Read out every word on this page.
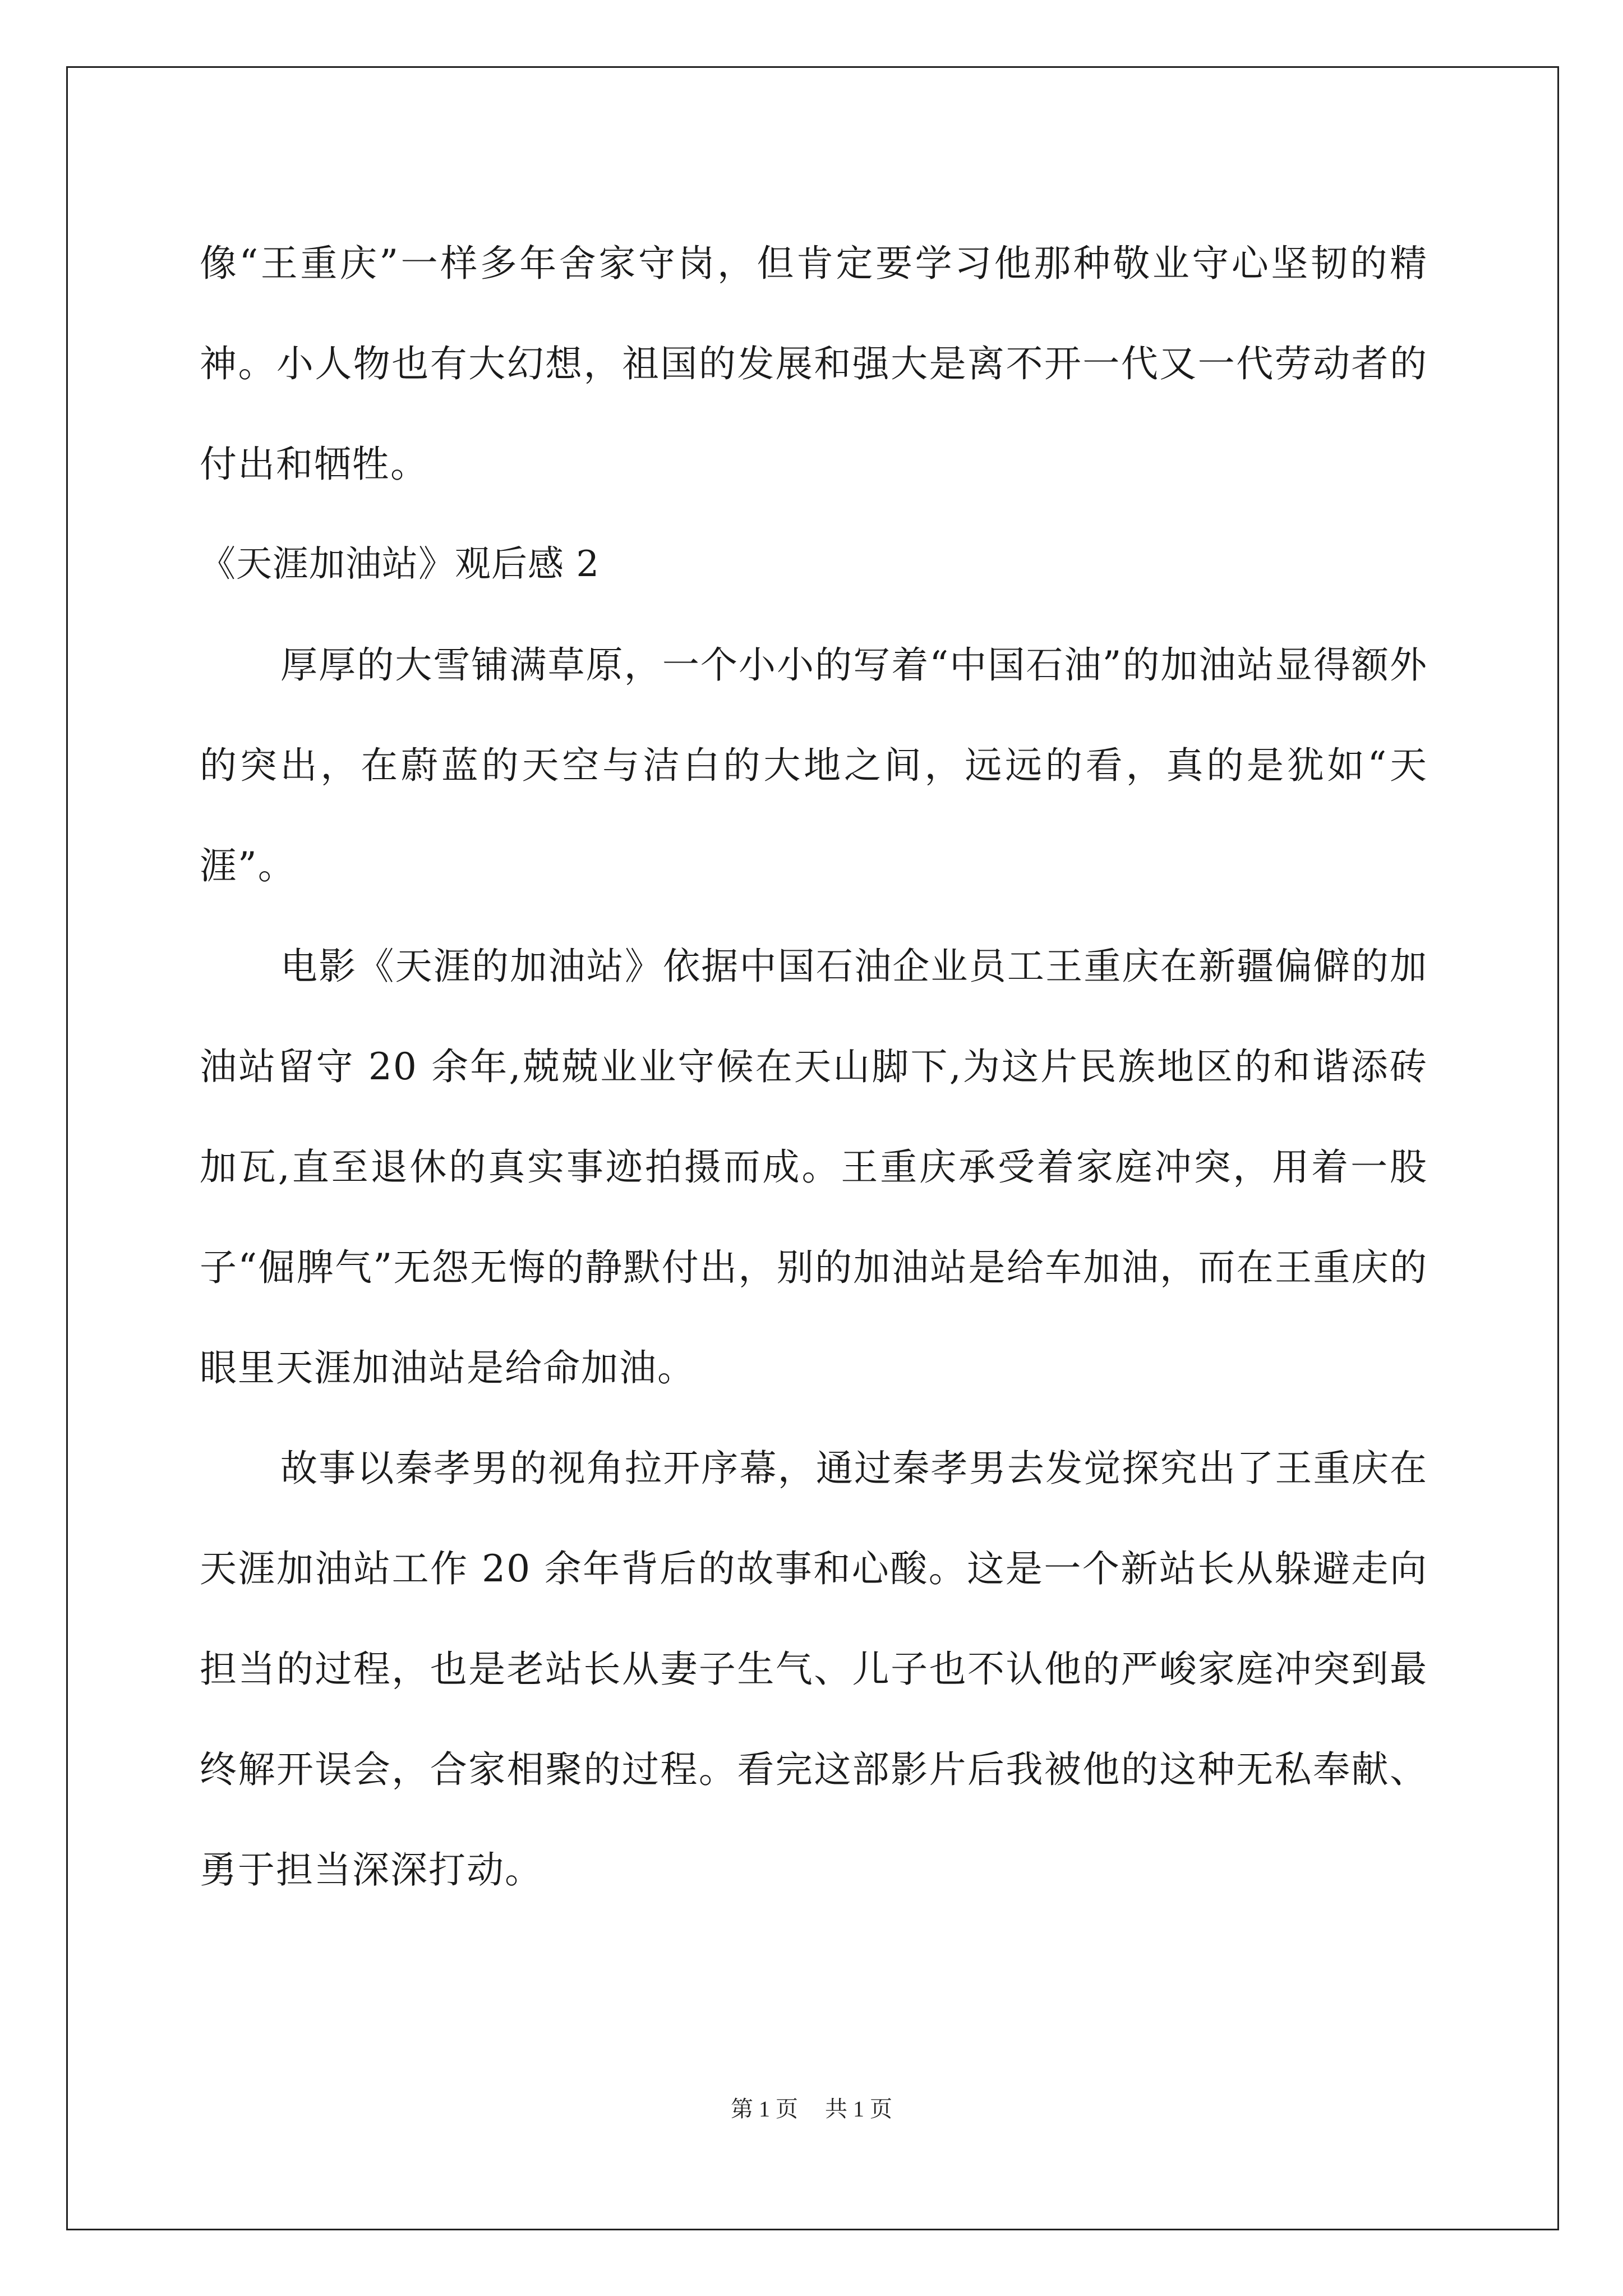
像“王重庆”一样多年舍家守岗，但肯定要学习他那种敬业守心坚韧的精神。小人物也有大幻想，祖国的发展和强大是离不开一代又一代劳动者的付出和牺牲。

《天涯加油站》观后感 2

厚厚的大雪铺满草原，一个小小的写着“中国石油”的加油站显得额外的突出，在蔚蓝的天空与洁白的大地之间，远远的看，真的是犹如“天涯”。

电影《天涯的加油站》依据中国石油企业员工王重庆在新疆偏僻的加油站留守 20 余年,兢兢业业守候在天山脚下,为这片民族地区的和谐添砖加瓦,直至退休的真实事迹拍摄而成。王重庆承受着家庭冲突，用着一股子“倔脾气”无怨无悔的静默付出，别的加油站是给车加油，而在王重庆的眼里天涯加油站是给命加油。

故事以秦孝男的视角拉开序幕，通过秦孝男去发觉探究出了王重庆在天涯加油站工作 20 余年背后的故事和心酸。这是一个新站长从躲避走向担当的过程，也是老站长从妻子生气、儿子也不认他的严峻家庭冲突到最终解开误会，合家相聚的过程。看完这部影片后我被他的这种无私奉献、勇于担当深深打动。

第 1 页 共 1 页
